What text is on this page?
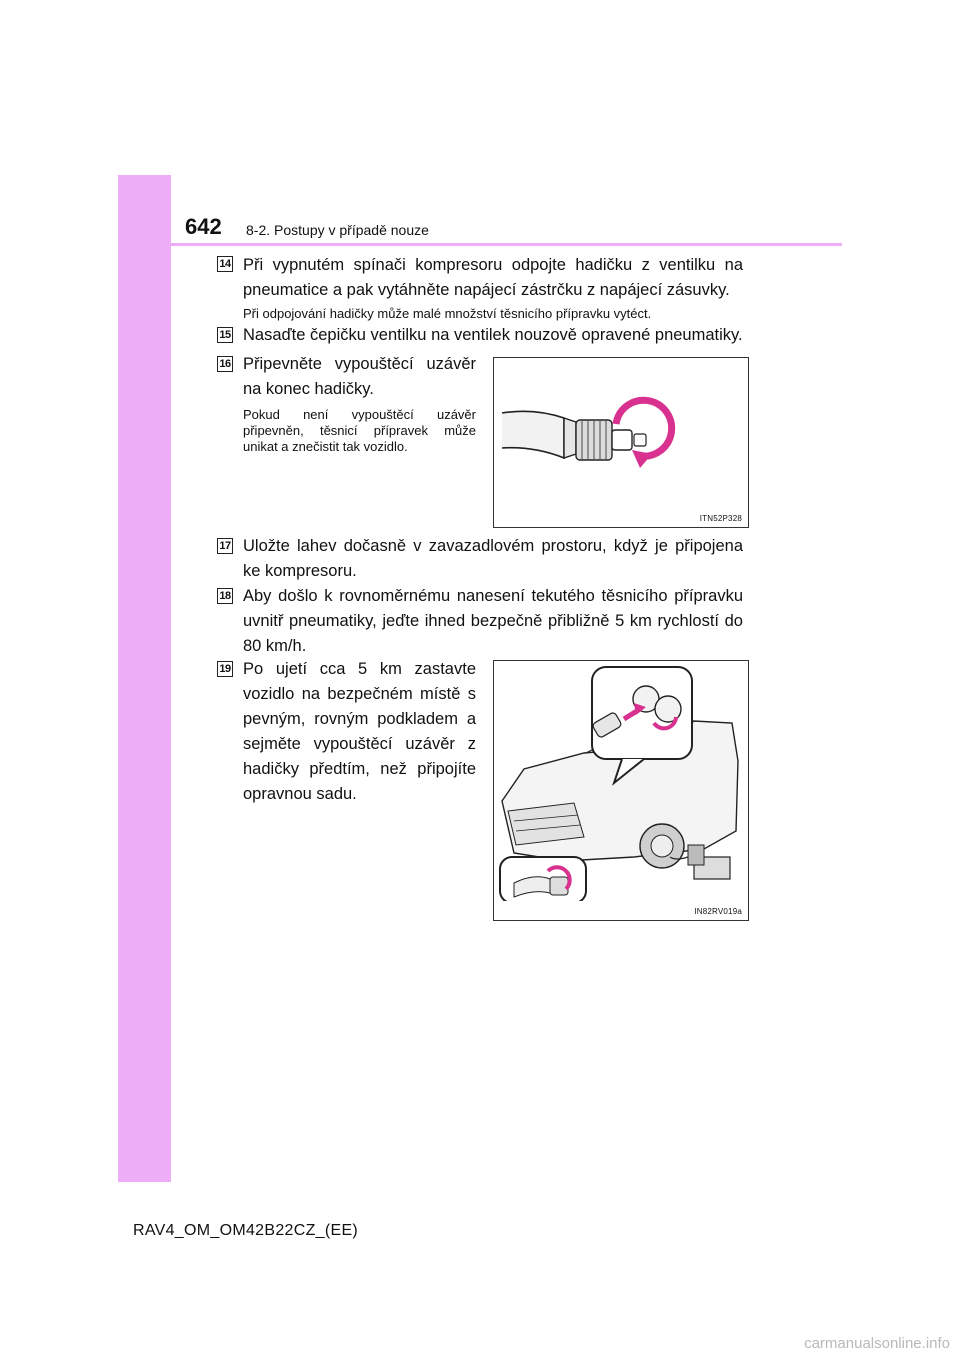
642 8-2. Postupy v případě nouze
14 Při vypnutém spínači kompresoru odpojte hadičku z ventilku na pneumatice a pak vytáhněte napájecí zástrčku z napájecí zásuvky.
Při odpojování hadičky může malé množství těsnicího přípravku vytéct.
15 Nasaďte čepičku ventilku na ventilek nouzově opravené pneumatiky.
16 Připevněte vypouštěcí uzávěr na konec hadičky.
Pokud není vypouštěcí uzávěr připevněn, těsnicí přípravek může unikat a znečistit tak vozidlo.
ITN52P328
17 Uložte lahev dočasně v zavazadlovém prostoru, když je připojena ke kompresoru.
18 Aby došlo k rovnoměrnému nanesení tekutého těsnicího přípravku uvnitř pneumatiky, jeďte ihned bezpečně přibližně 5 km rychlostí do 80 km/h.
19 Po ujetí cca 5 km zastavte vozidlo na bezpečném místě s pevným, rovným podkladem a sejměte vypouštěcí uzávěr z hadičky předtím, než připojíte opravnou sadu.
IN82RV019a
RAV4_OM_OM42B22CZ_(EE)
carmanualsonline.info
